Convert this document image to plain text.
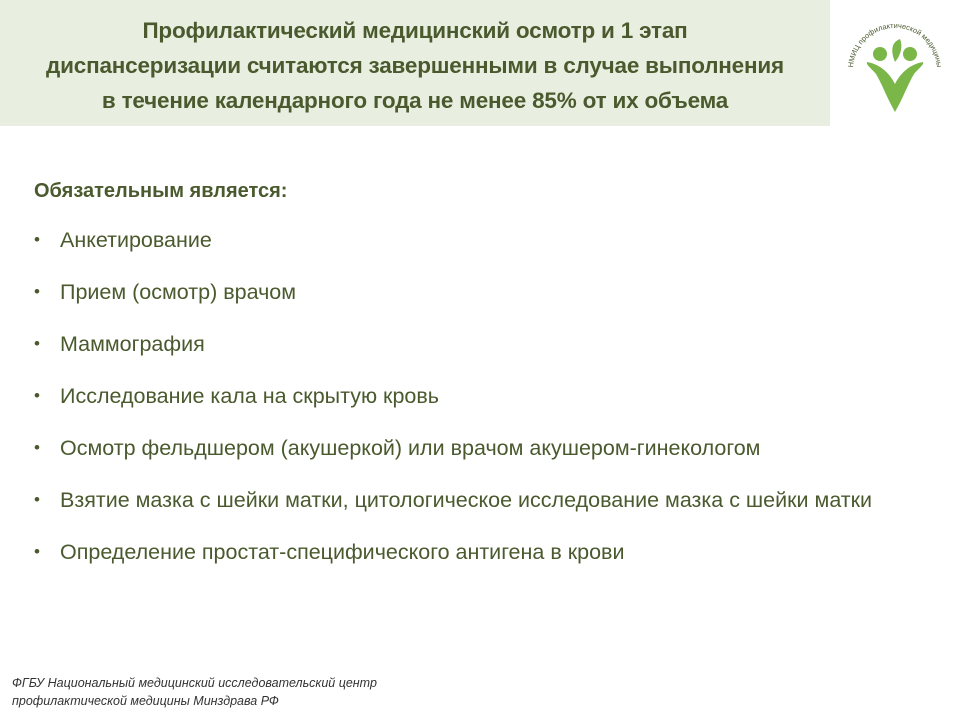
Профилактический медицинский осмотр и 1 этап
диспансеризации считаются завершенными в случае выполнения
в течение календарного года не менее 85% от их объема
НМИЦ профилактической медицины
Обязательным является:
• Анкетирование
• Прием (осмотр) врачом
• Маммография
• Исследование кала на скрытую кровь
• Осмотр фельдшером (акушеркой) или врачом акушером-гинекологом
• Взятие мазка с шейки матки, цитологическое исследование мазка с шейки матки
• Определение простат-специфического антигена в крови
ФГБУ Национальный медицинский исследовательский центр
профилактической медицины Минздрава РФ
